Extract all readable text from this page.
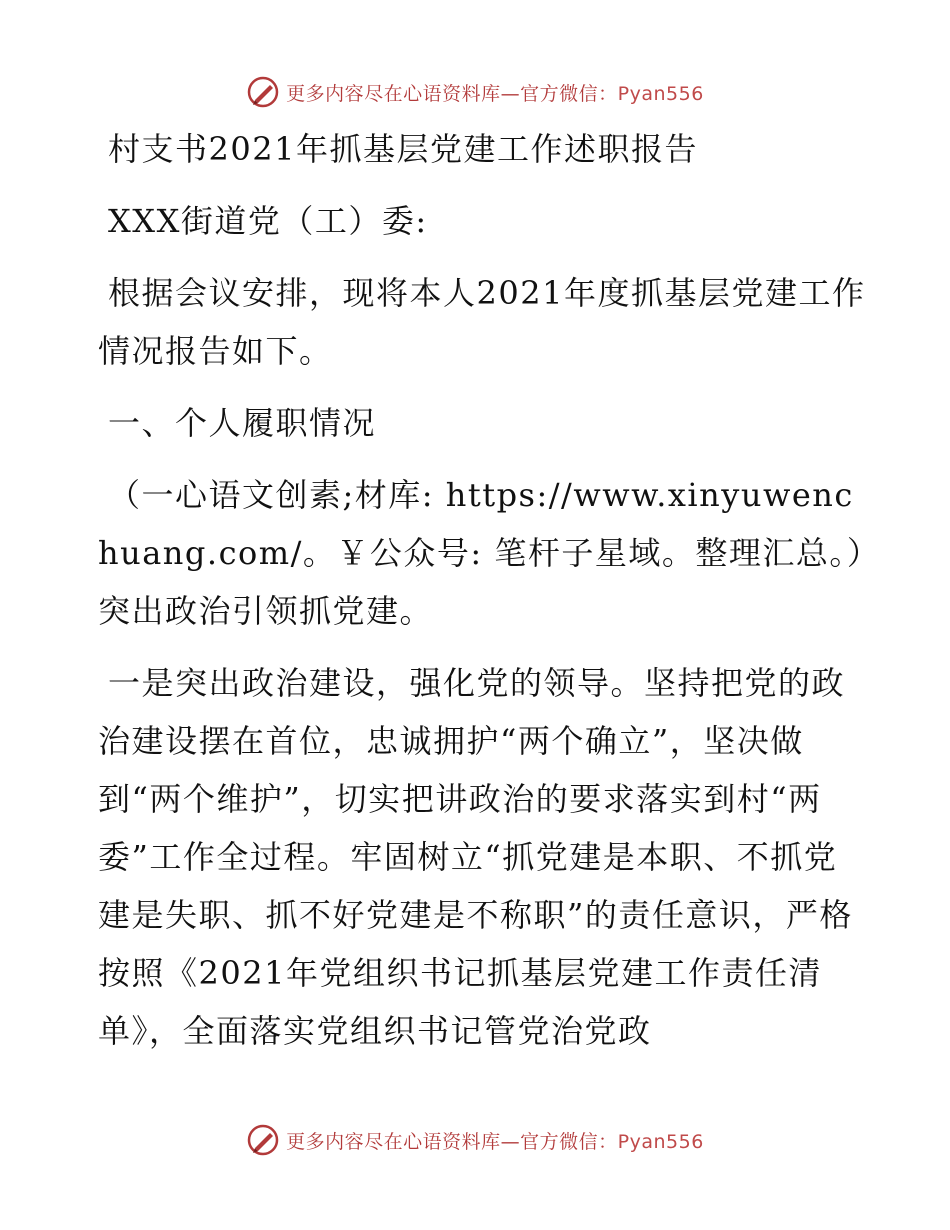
更多内容尽在心语资料库—官方微信：Pyan556

村支书2021年抓基层党建工作述职报告

XXX街道党（工）委:

根据会议安排，现将本人2021年度抓基层党建工作情况报告如下。

一、个人履职情况

（一心语文创素;材库: https://www.xinyuwenchuang.com/。￥公众号: 笔杆子星域。整理汇总。）突出政治引领抓党建。

一是突出政治建设，强化党的领导。坚持把党的政治建设摆在首位，忠诚拥护“两个确立”，坚决做到“两个维护”，切实把讲政治的要求落实到村“两委”工作全过程。牢固树立“抓党建是本职、不抓党建是失职、抓不好党建是不称职”的责任意识，严格按照《2021年党组织书记抓基层党建工作责任清单》，全面落实党组织书记管党治党政

更多内容尽在心语资料库—官方微信：Pyan556
